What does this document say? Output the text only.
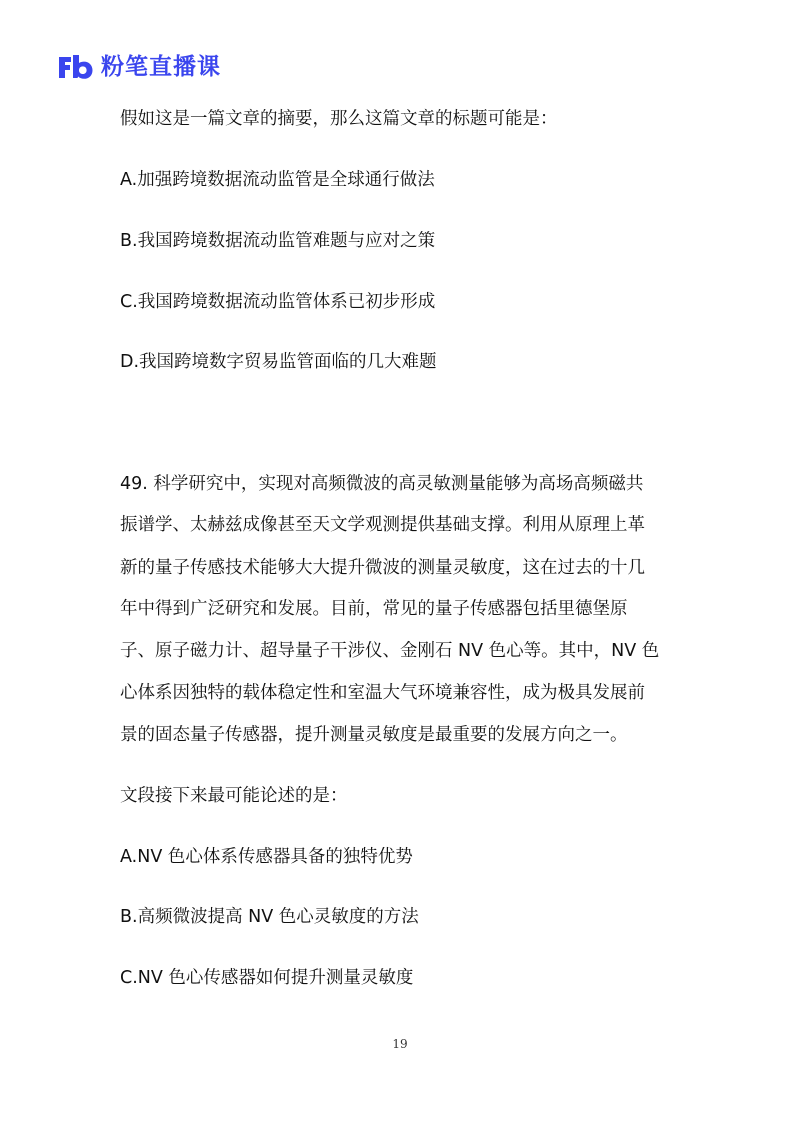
粉笔直播课
假如这是一篇文章的摘要，那么这篇文章的标题可能是：
A.加强跨境数据流动监管是全球通行做法
B.我国跨境数据流动监管难题与应对之策
C.我国跨境数据流动监管体系已初步形成
D.我国跨境数字贸易监管面临的几大难题
49. 科学研究中，实现对高频微波的高灵敏测量能够为高场高频磁共
振谱学、太赫兹成像甚至天文学观测提供基础支撑。利用从原理上革
新的量子传感技术能够大大提升微波的测量灵敏度，这在过去的十几
年中得到广泛研究和发展。目前，常见的量子传感器包括里德堡原
子、原子磁力计、超导量子干涉仪、金刚石 NV 色心等。其中，NV 色
心体系因独特的载体稳定性和室温大气环境兼容性，成为极具发展前
景的固态量子传感器，提升测量灵敏度是最重要的发展方向之一。
文段接下来最可能论述的是：
A.NV 色心体系传感器具备的独特优势
B.高频微波提高 NV 色心灵敏度的方法
C.NV 色心传感器如何提升测量灵敏度
19
